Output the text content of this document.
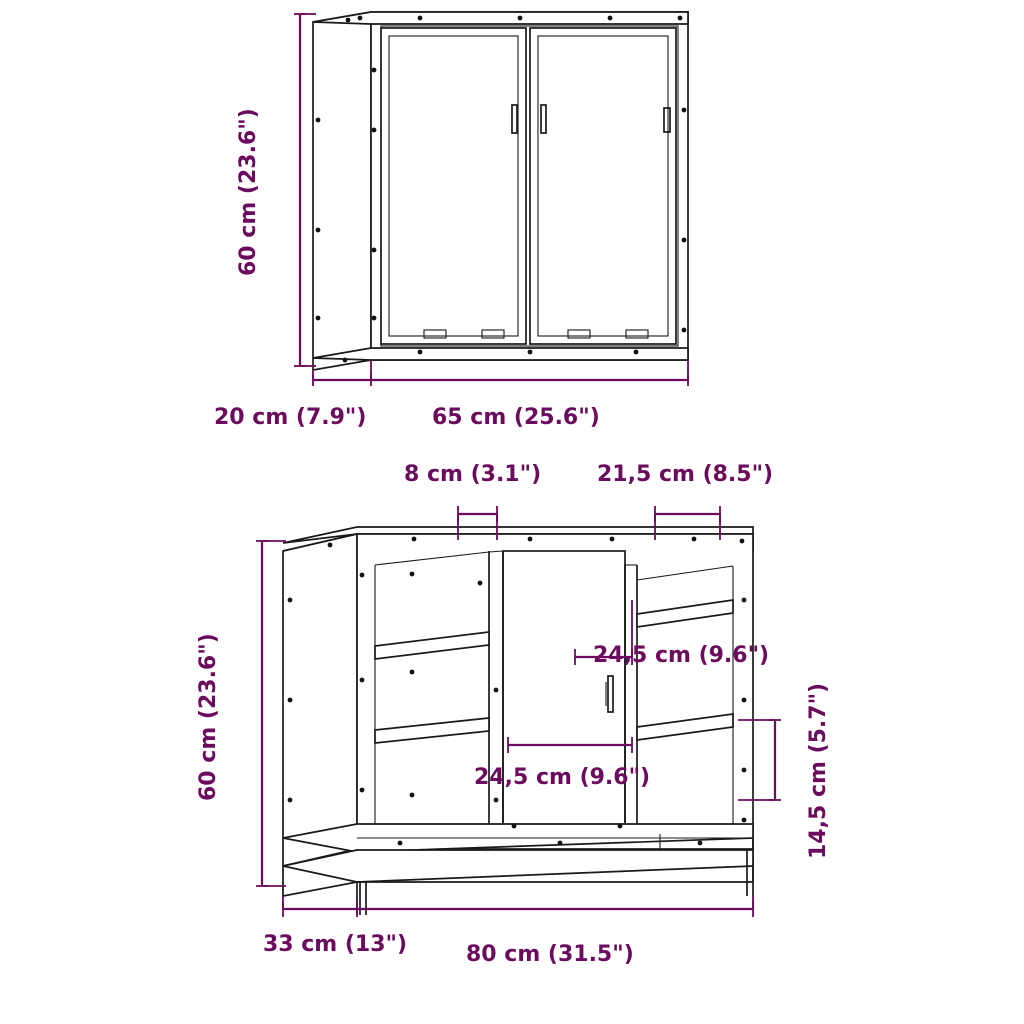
60 cm (23.6")
20 cm (7.9")	65 cm (25.6")
8 cm (3.1")	21,5 cm (8.5")
60 cm (23.6")	24,5 cm (9.6")
24,5 cm (9.6")	14,5 cm (5.7")
33 cm (13")	80 cm (31.5")
